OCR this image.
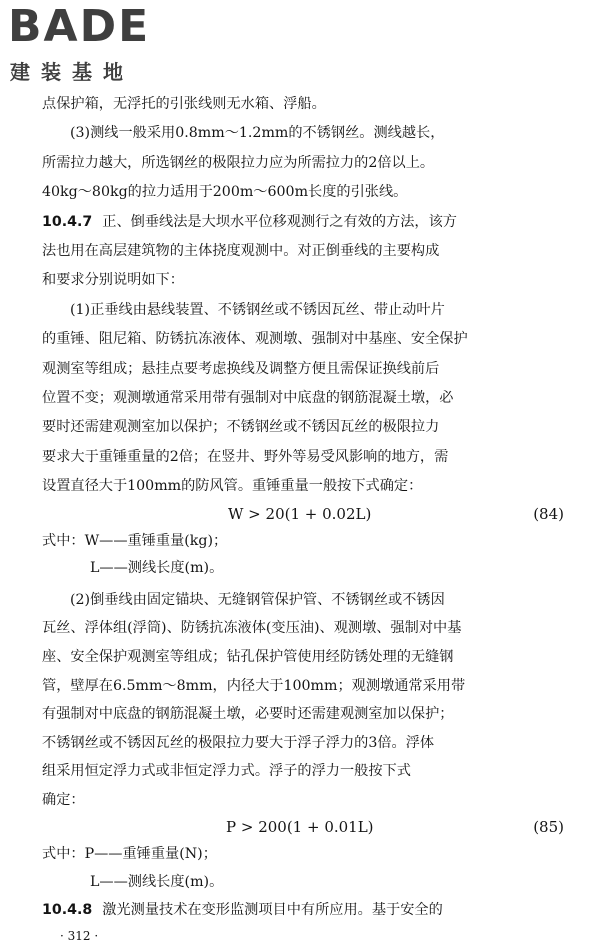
BADE
建装基地
点保护箱，无浮托的引张线则无水箱、浮船。
(3)测线一般采用0.8mm～1.2mm的不锈钢丝。测线越长，
所需拉力越大，所选钢丝的极限拉力应为所需拉力的2倍以上。
40kg～80kg的拉力适用于200m～600m长度的引张线。
10.4.7 正、倒垂线法是大坝水平位移观测行之有效的方法，该方
法也用在高层建筑物的主体挠度观测中。对正倒垂线的主要构成
和要求分别说明如下：
(1)正垂线由悬线装置、不锈钢丝或不锈因瓦丝、带止动叶片
的重锤、阻尼箱、防锈抗冻液体、观测墩、强制对中基座、安全保护
观测室等组成；悬挂点要考虑换线及调整方便且需保证换线前后
位置不变；观测墩通常采用带有强制对中底盘的钢筋混凝土墩，必
要时还需建观测室加以保护；不锈钢丝或不锈因瓦丝的极限拉力
要求大于重锤重量的2倍；在竖井、野外等易受风影响的地方，需
设置直径大于100mm的防风管。重锤重量一般按下式确定：
W > 20(1 + 0.02L)	(84)
式中：W——重锤重量(kg)；
L——测线长度(m)。
(2)倒垂线由固定锚块、无缝钢管保护管、不锈钢丝或不锈因
瓦丝、浮体组(浮筒)、防锈抗冻液体(变压油)、观测墩、强制对中基
座、安全保护观测室等组成；钻孔保护管使用经防锈处理的无缝钢
管，壁厚在6.5mm～8mm，内径大于100mm；观测墩通常采用带
有强制对中底盘的钢筋混凝土墩，必要时还需建观测室加以保护；
不锈钢丝或不锈因瓦丝的极限拉力要大于浮子浮力的3倍。浮体
组采用恒定浮力式或非恒定浮力式。浮子的浮力一般按下式
确定：
P > 200(1 + 0.01L)	(85)
· 312 ·
式中：P——重锤重量(N)；
L——测线长度(m)。
10.4.8 激光测量技术在变形监测项目中有所应用。基于安全的
